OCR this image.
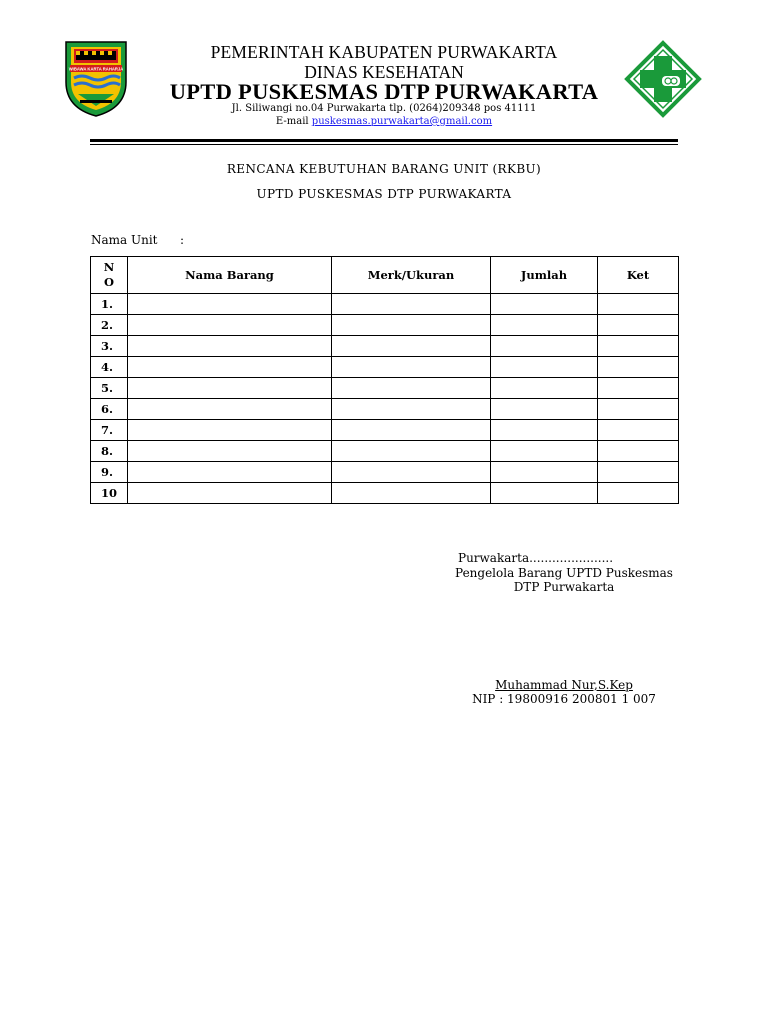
WIBAWA KARTA RAHARJA
PEMERINTAH KABUPATEN PURWAKARTA
DINAS KESEHATAN
UPTD PUSKESMAS DTP PURWAKARTA
Jl. Siliwangi no.04 Purwakarta tlp. (0264)209348 pos 41111
E-mail puskesmas.purwakarta@gmail.com
RENCANA KEBUTUHAN BARANG UNIT (RKBU)
UPTD PUSKESMAS DTP PURWAKARTA
Nama Unit :
N
O	Nama Barang	Merk/Ukuran	Jumlah	Ket
1.				
2.				
3.				
4.				
5.				
6.				
7.				
8.				
9.				
10				
Purwakarta......................
Pengelola Barang UPTD Puskesmas
DTP Purwakarta
Muhammad Nur,S.Kep
NIP : 19800916 200801 1 007
